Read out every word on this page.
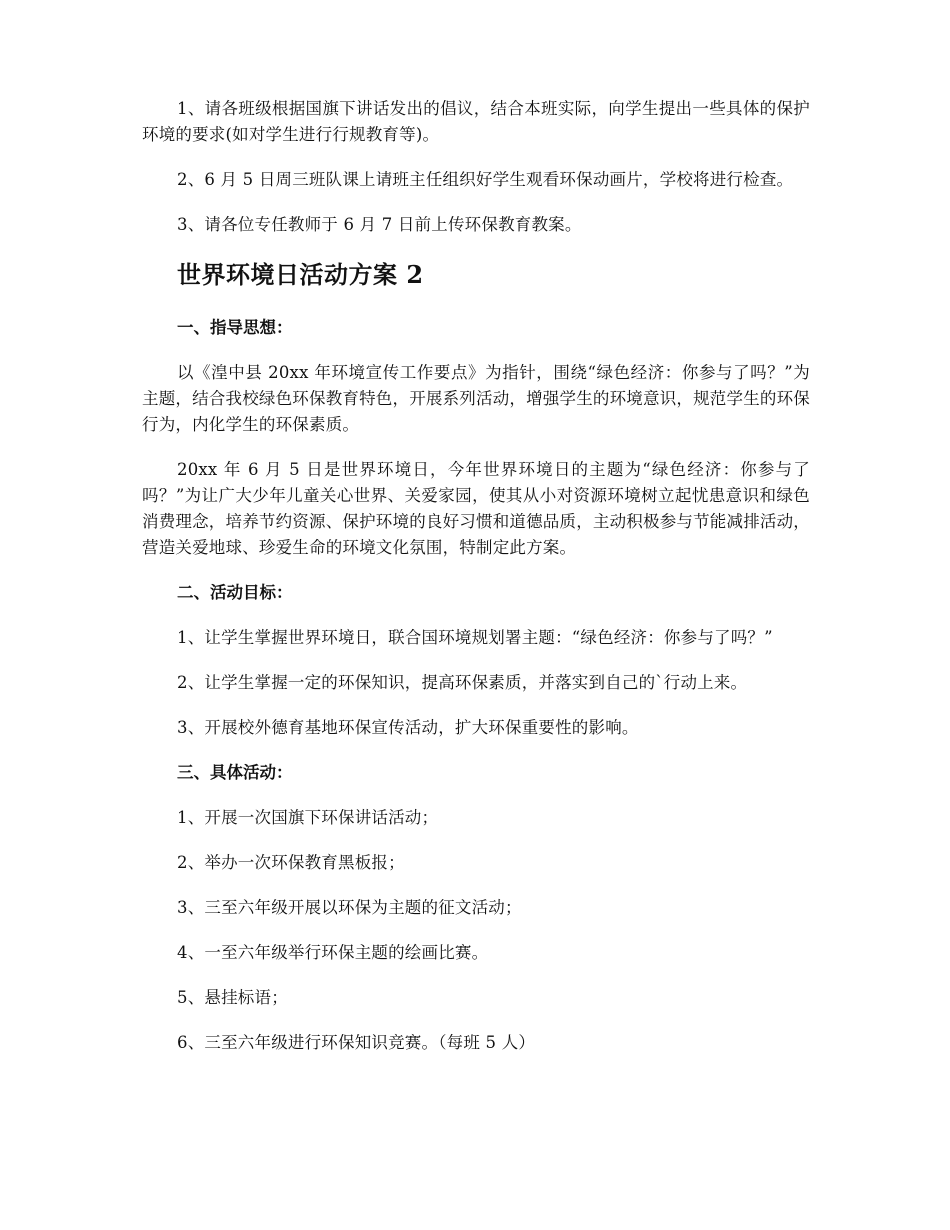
1、请各班级根据国旗下讲话发出的倡议，结合本班实际，向学生提出一些具体的保护环境的要求(如对学生进行行规教育等)。

2、6 月 5 日周三班队课上请班主任组织好学生观看环保动画片，学校将进行检查。

3、请各位专任教师于 6 月 7 日前上传环保教育教案。

世界环境日活动方案 2
一、指导思想：

以《湟中县 20xx 年环境宣传工作要点》为指针，围绕“绿色经济：你参与了吗？”为主题，结合我校绿色环保教育特色，开展系列活动，增强学生的环境意识，规范学生的环保行为，内化学生的环保素质。

20xx 年 6 月 5 日是世界环境日，今年世界环境日的主题为“绿色经济：你参与了吗？”为让广大少年儿童关心世界、关爱家园，使其从小对资源环境树立起忧患意识和绿色消费理念，培养节约资源、保护环境的良好习惯和道德品质，主动积极参与节能减排活动，营造关爱地球、珍爱生命的环境文化氛围，特制定此方案。

二、活动目标：

1、让学生掌握世界环境日，联合国环境规划署主题：“绿色经济：你参与了吗？”

2、让学生掌握一定的环保知识，提高环保素质，并落实到自己的`行动上来。

3、开展校外德育基地环保宣传活动，扩大环保重要性的影响。

三、具体活动：

1、开展一次国旗下环保讲话活动；

2、举办一次环保教育黑板报；

3、三至六年级开展以环保为主题的征文活动；

4、一至六年级举行环保主题的绘画比赛。

5、悬挂标语；

6、三至六年级进行环保知识竞赛。（每班 5 人）
